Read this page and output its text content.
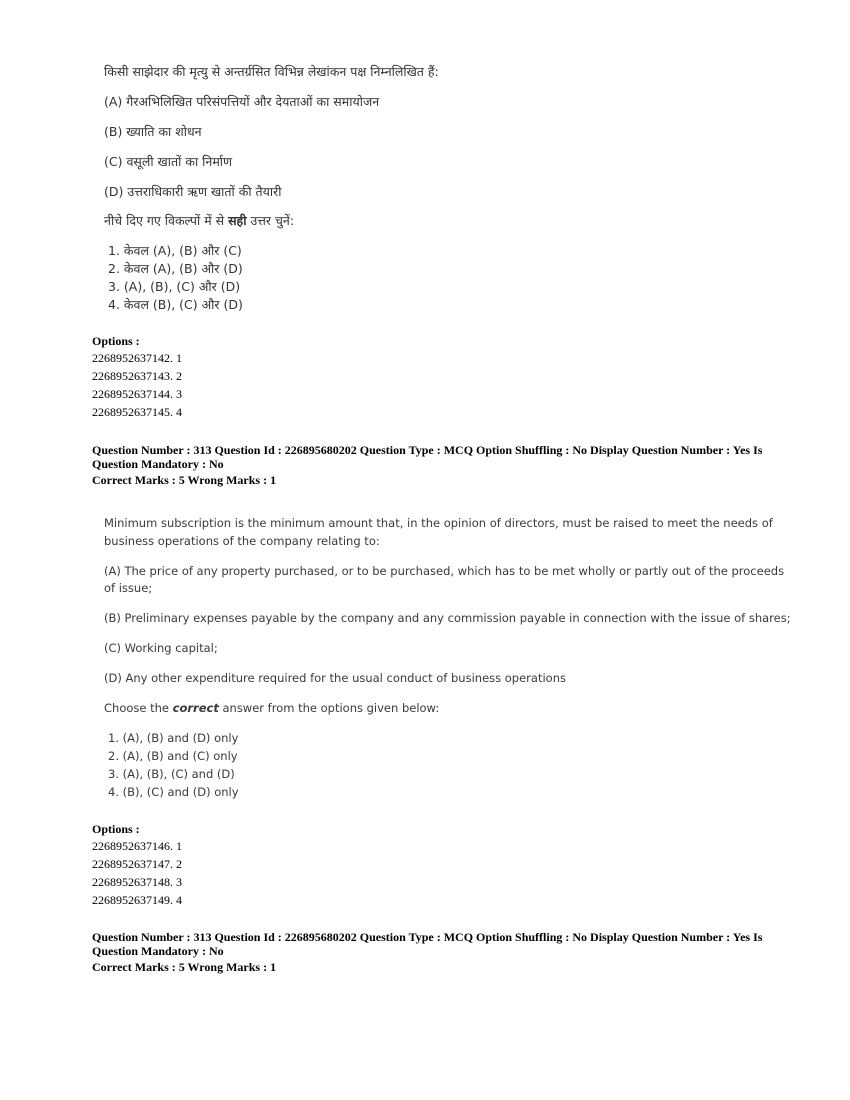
किसी साझेदार की मृत्यु से अन्तर्ग्रसित विभिन्न लेखांकन पक्ष निम्नलिखित हैं:
(A) गैरअभिलिखित परिसंपत्तियों और देयताओं का समायोजन
(B) ख्याति का शोधन
(C) वसूली खातों का निर्माण
(D) उत्तराधिकारी ऋण खातों की तैयारी
नीचे दिए गए विकल्पों में से सही उत्तर चुनें:
1. केवल (A), (B) और (C)
2. केवल (A), (B) और (D)
3. (A), (B), (C) और (D)
4. केवल (B), (C) और (D)
Options :
2268952637142. 1
2268952637143. 2
2268952637144. 3
2268952637145. 4
Question Number : 313 Question Id : 226895680202 Question Type : MCQ Option Shuffling : No Display Question Number : Yes Is
Question Mandatory : No
Correct Marks : 5 Wrong Marks : 1
Minimum subscription is the minimum amount that, in the opinion of directors, must be raised to meet the needs of
business operations of the company relating to:
(A) The price of any property purchased, or to be purchased, which has to be met wholly or partly out of the proceeds
of issue;
(B) Preliminary expenses payable by the company and any commission payable in connection with the issue of shares;
(C) Working capital;
(D) Any other expenditure required for the usual conduct of business operations
Choose the correct answer from the options given below:
1. (A), (B) and (D) only
2. (A), (B) and (C) only
3. (A), (B), (C) and (D)
4. (B), (C) and (D) only
Options :
2268952637146. 1
2268952637147. 2
2268952637148. 3
2268952637149. 4
Question Number : 313 Question Id : 226895680202 Question Type : MCQ Option Shuffling : No Display Question Number : Yes Is
Question Mandatory : No
Correct Marks : 5 Wrong Marks : 1
